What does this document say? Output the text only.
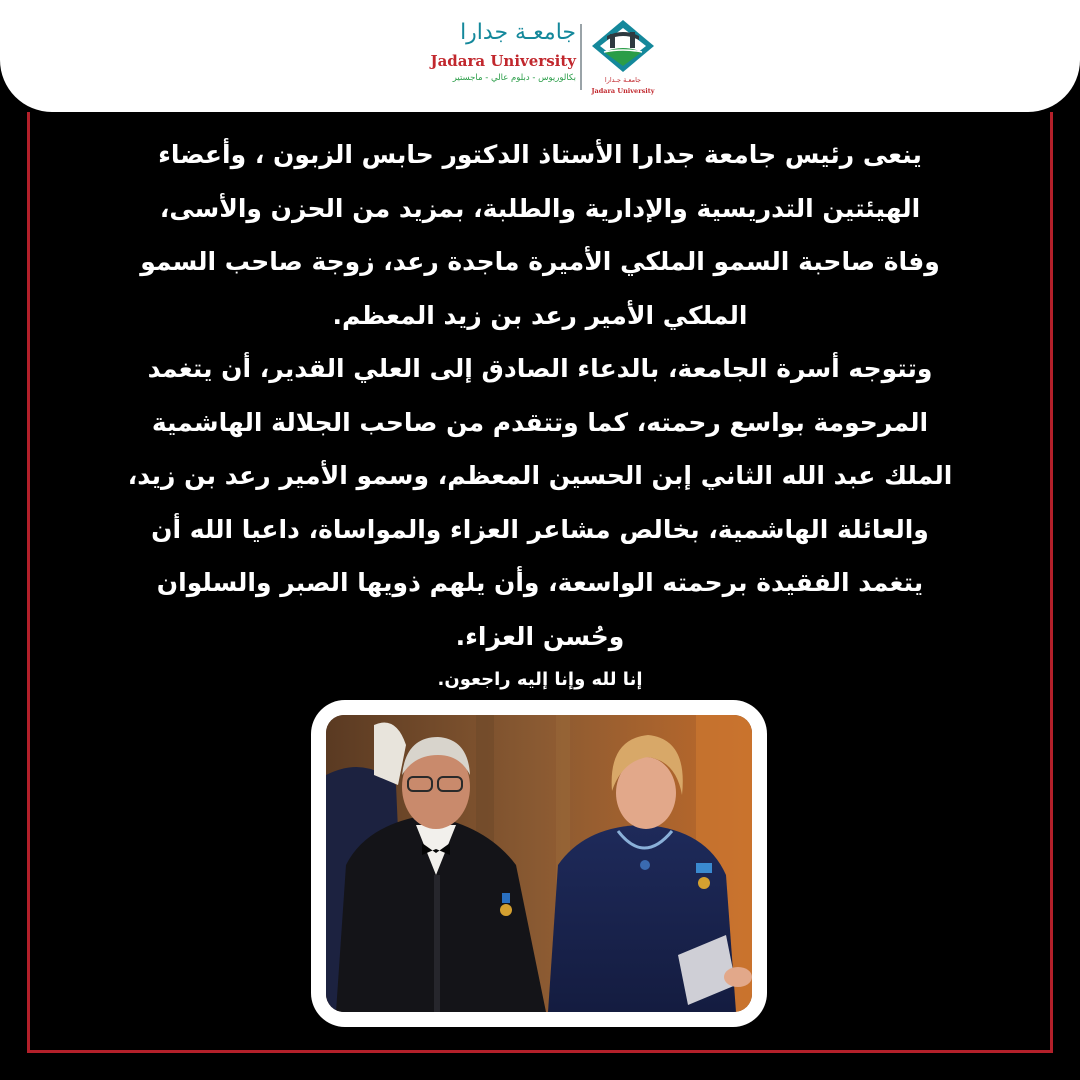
جامعـة جدارا
Jadara University
بكالوريوس - دبلوم عالي - ماجستير	جامعـة جـدارا
Jadara University
ينعى رئيس جامعة جدارا الأستاذ الدكتور حابس الزبون ، وأعضاء
الهيئتين التدريسية والإدارية والطلبة، بمزيد من الحزن والأسى،
وفاة صاحبة السمو الملكي الأميرة ماجدة رعد، زوجة صاحب السمو
الملكي الأمير رعد بن زيد المعظم.
وتتوجه أسرة الجامعة، بالدعاء الصادق إلى العلي القدير، أن يتغمد
المرحومة بواسع رحمته، كما وتتقدم من صاحب الجلالة الهاشمية
الملك عبد الله الثاني إبن الحسين المعظم، وسمو الأمير رعد بن زيد،
والعائلة الهاشمية، بخالص مشاعر العزاء والمواساة، داعيا الله أن
يتغمد الفقيدة برحمته الواسعة، وأن يلهم ذويها الصبر والسلوان
وحُسن العزاء.
إنا لله وإنا إليه راجعون.
